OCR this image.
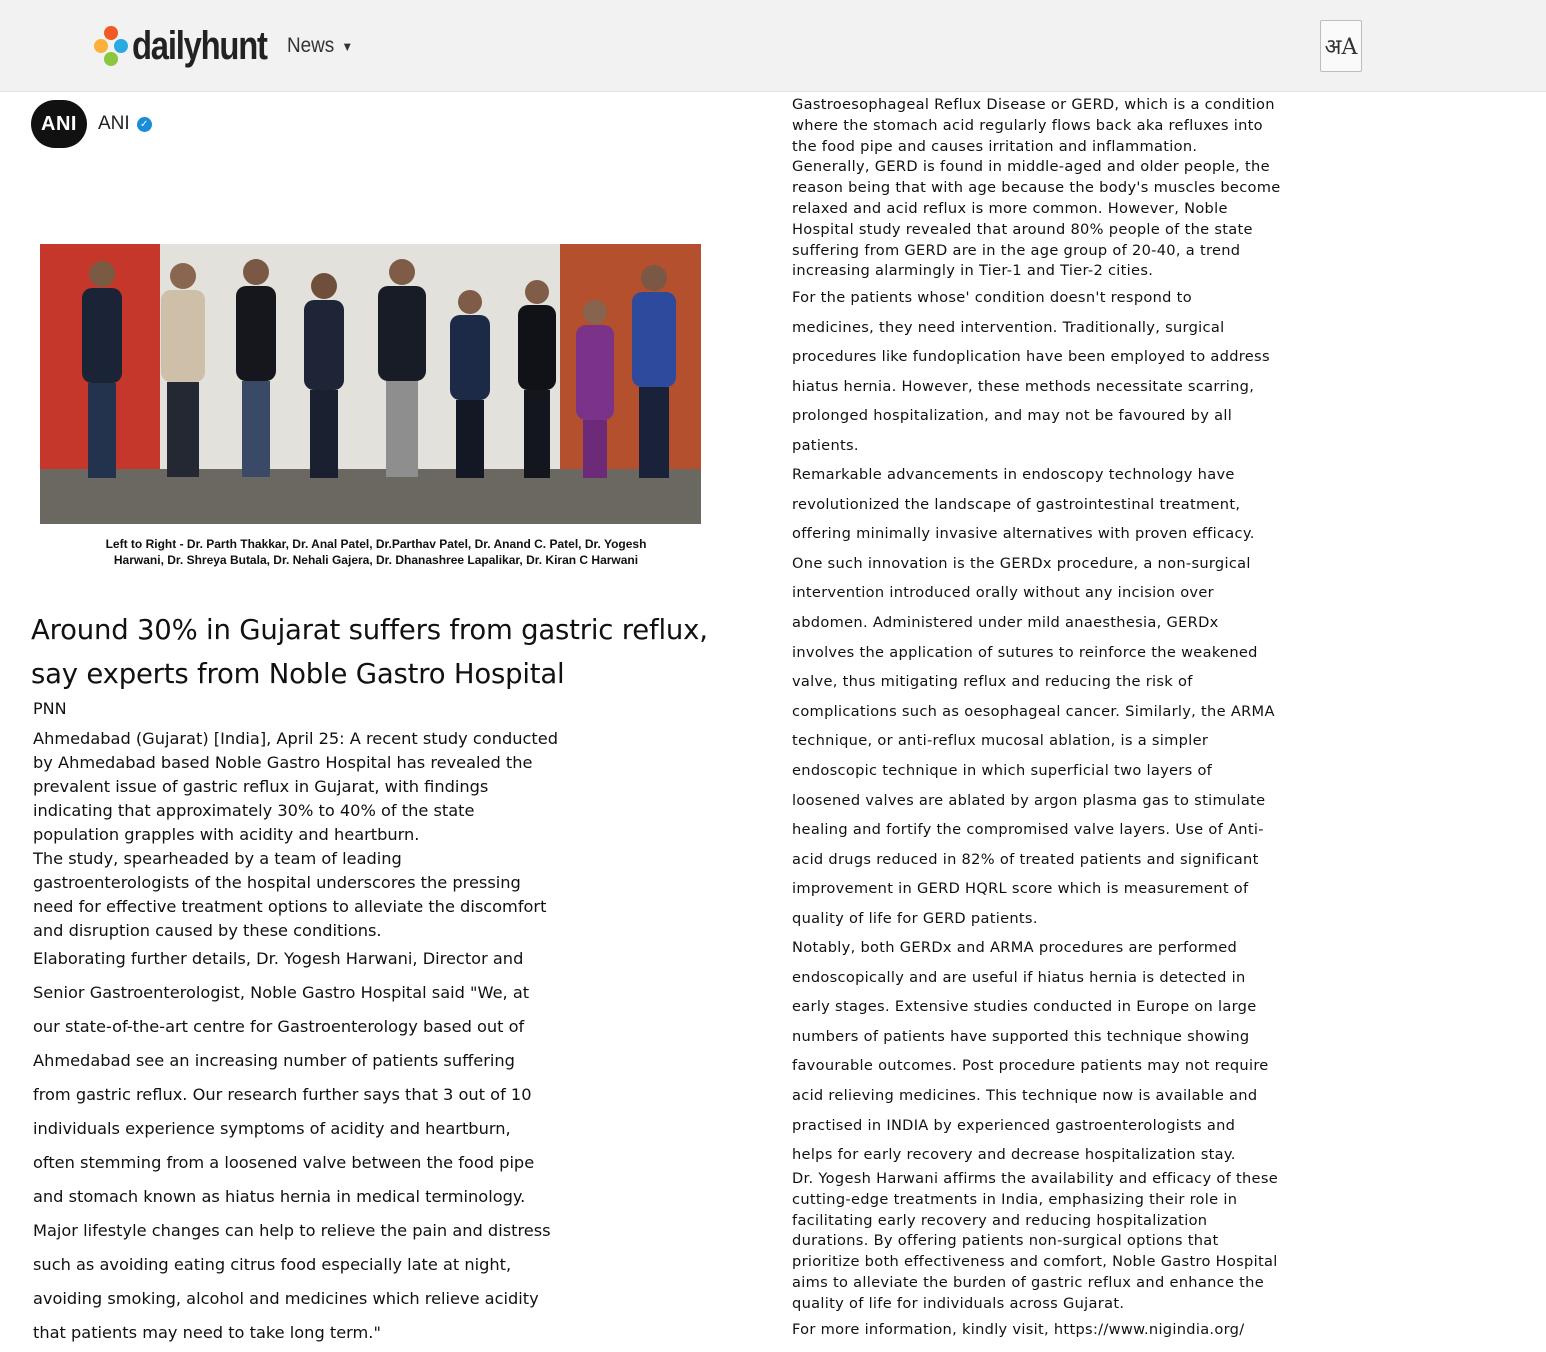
dailyhunt News ▼	अA
ANI	ANI	✓
Left to Right - Dr. Parth Thakkar, Dr. Anal Patel, Dr.Parthav Patel, Dr. Anand C. Patel, Dr. Yogesh
Harwani, Dr. Shreya Butala, Dr. Nehali Gajera, Dr. Dhanashree Lapalikar, Dr. Kiran C Harwani
Around 30% in Gujarat suffers from gastric reflux, say experts from Noble Gastro Hospital
PNN

Ahmedabad (Gujarat) [India], April 25: A recent study conducted
by Ahmedabad based Noble Gastro Hospital has revealed the
prevalent issue of gastric reflux in Gujarat, with findings
indicating that approximately 30% to 40% of the state
population grapples with acidity and heartburn.

The study, spearheaded by a team of leading
gastroenterologists of the hospital underscores the pressing
need for effective treatment options to alleviate the discomfort
and disruption caused by these conditions.

Elaborating further details, Dr. Yogesh Harwani, Director and
Senior Gastroenterologist, Noble Gastro Hospital said "We, at
our state-of-the-art centre for Gastroenterology based out of
Ahmedabad see an increasing number of patients suffering
from gastric reflux. Our research further says that 3 out of 10
individuals experience symptoms of acidity and heartburn,
often stemming from a loosened valve between the food pipe
and stomach known as hiatus hernia in medical terminology.
Major lifestyle changes can help to relieve the pain and distress
such as avoiding eating citrus food especially late at night,
avoiding smoking, alcohol and medicines which relieve acidity
that patients may need to take long term."

Gastroesophageal Reflux Disease or GERD, which is a condition
where the stomach acid regularly flows back aka refluxes into
the food pipe and causes irritation and inflammation.
Generally, GERD is found in middle-aged and older people, the
reason being that with age because the body's muscles become
relaxed and acid reflux is more common. However, Noble
Hospital study revealed that around 80% people of the state
suffering from GERD are in the age group of 20-40, a trend
increasing alarmingly in Tier-1 and Tier-2 cities.

For the patients whose' condition doesn't respond to
medicines, they need intervention. Traditionally, surgical
procedures like fundoplication have been employed to address
hiatus hernia. However, these methods necessitate scarring,
prolonged hospitalization, and may not be favoured by all
patients.

Remarkable advancements in endoscopy technology have
revolutionized the landscape of gastrointestinal treatment,
offering minimally invasive alternatives with proven efficacy.
One such innovation is the GERDx procedure, a non-surgical
intervention introduced orally without any incision over
abdomen. Administered under mild anaesthesia, GERDx
involves the application of sutures to reinforce the weakened
valve, thus mitigating reflux and reducing the risk of
complications such as oesophageal cancer. Similarly, the ARMA
technique, or anti-reflux mucosal ablation, is a simpler
endoscopic technique in which superficial two layers of
loosened valves are ablated by argon plasma gas to stimulate
healing and fortify the compromised valve layers. Use of Anti-
acid drugs reduced in 82% of treated patients and significant
improvement in GERD HQRL score which is measurement of
quality of life for GERD patients.

Notably, both GERDx and ARMA procedures are performed
endoscopically and are useful if hiatus hernia is detected in
early stages. Extensive studies conducted in Europe on large
numbers of patients have supported this technique showing
favourable outcomes. Post procedure patients may not require
acid relieving medicines. This technique now is available and
practised in INDIA by experienced gastroenterologists and
helps for early recovery and decrease hospitalization stay.

Dr. Yogesh Harwani affirms the availability and efficacy of these
cutting-edge treatments in India, emphasizing their role in
facilitating early recovery and reducing hospitalization
durations. By offering patients non-surgical options that
prioritize both effectiveness and comfort, Noble Gastro Hospital
aims to alleviate the burden of gastric reflux and enhance the
quality of life for individuals across Gujarat.

For more information, kindly visit, https://www.nigindia.org/
